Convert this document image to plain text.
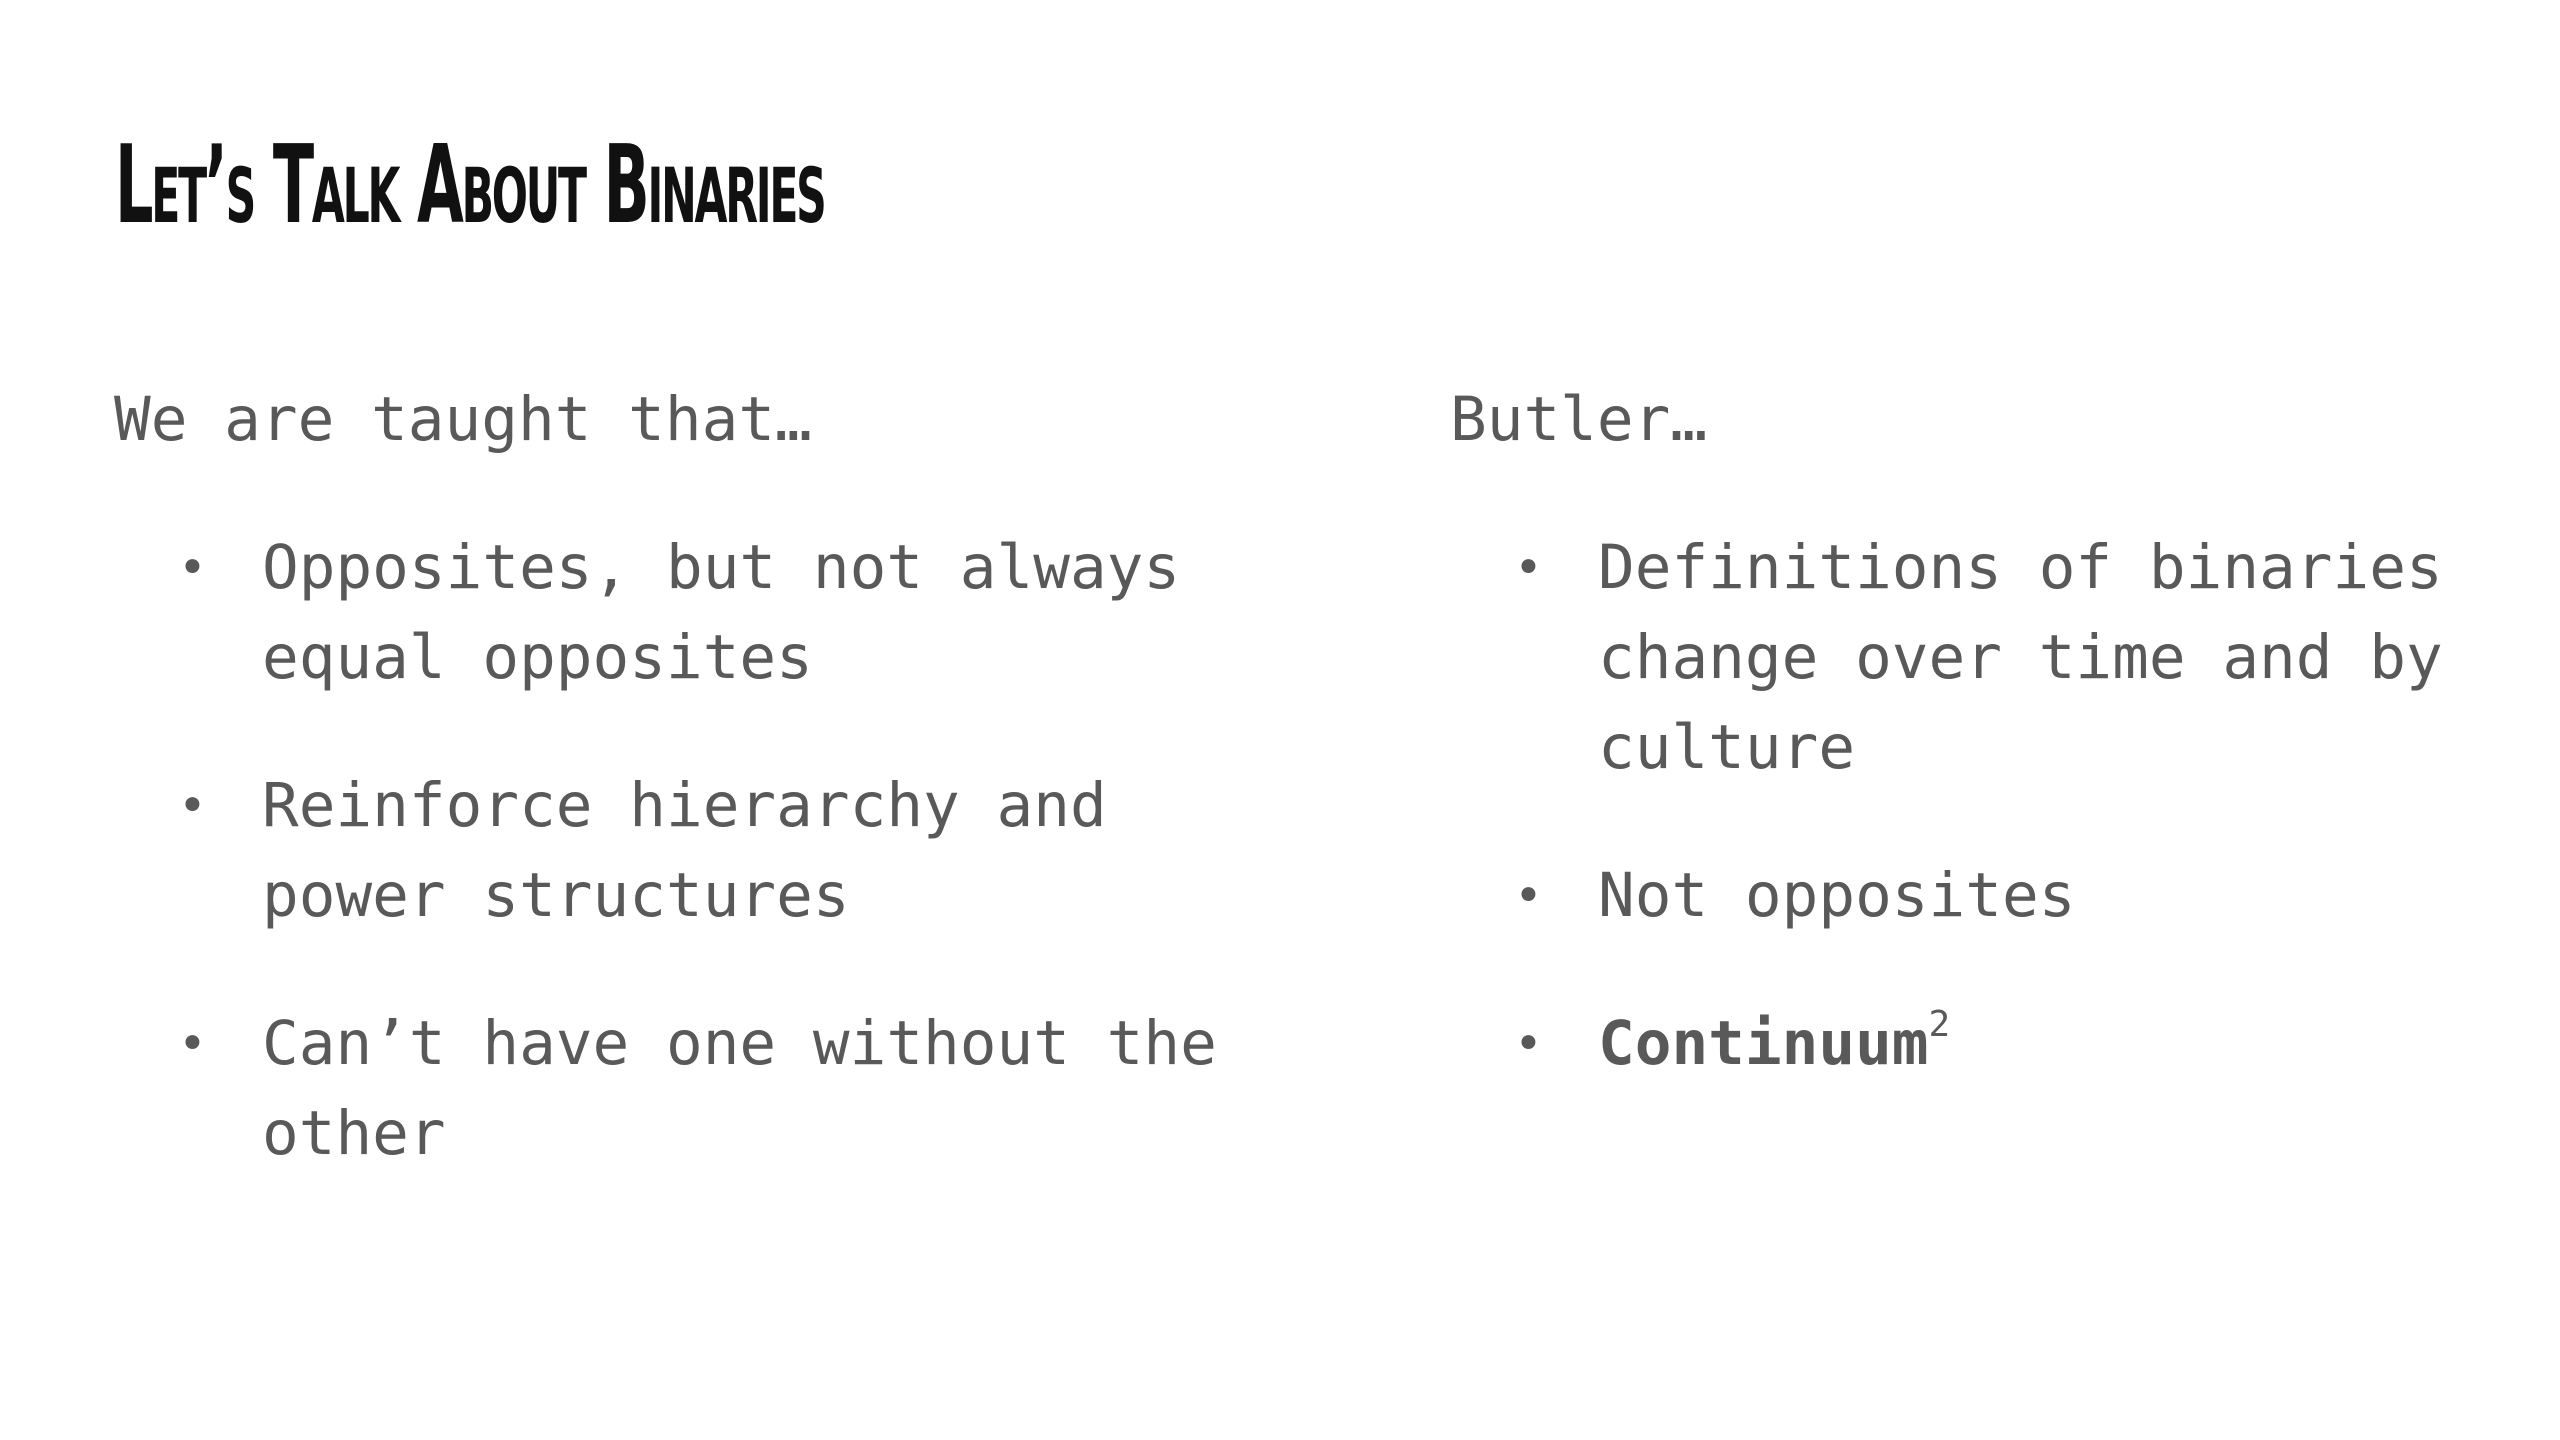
Let’s Talk About Binaries

We are taught that…

• Opposites, but not always equal opposites
• Reinforce hierarchy and power structures
• Can’t have one without the other

Butler…

• Definitions of binaries change over time and by culture
• Not opposites
• Continuum$^2$
